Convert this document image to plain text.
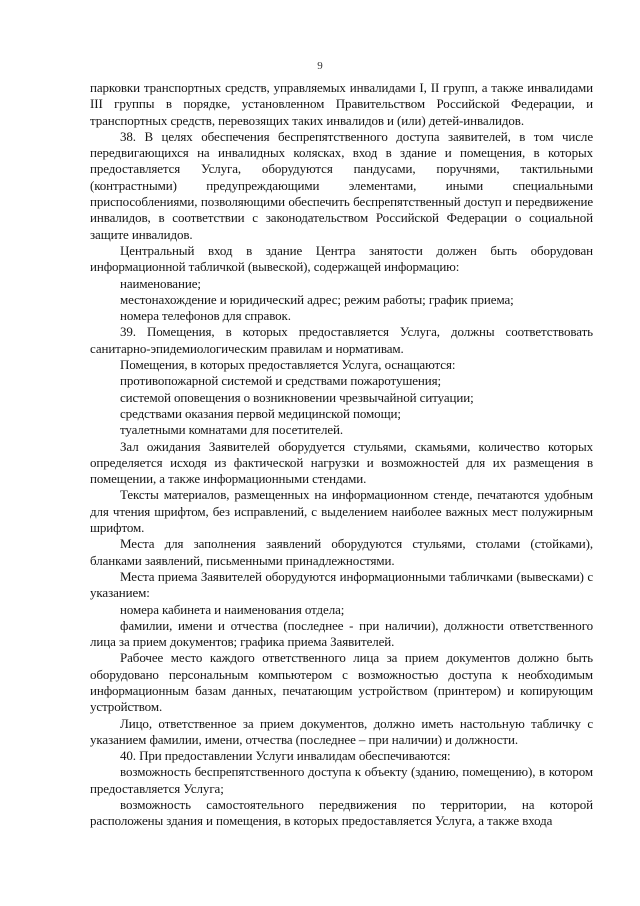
9

парковки транспортных средств, управляемых инвалидами I, II групп, а также инвалидами III группы в порядке, установленном Правительством Российской Федерации, и транспортных средств, перевозящих таких инвалидов и (или) детей-инвалидов.

38. В целях обеспечения беспрепятственного доступа заявителей, в том числе передвигающихся на инвалидных колясках, вход в здание и помещения, в которых предоставляется Услуга, оборудуются пандусами, поручнями, тактильными (контрастными) предупреждающими элементами, иными специальными приспособлениями, позволяющими обеспечить беспрепятственный доступ и передвижение инвалидов, в соответствии с законодательством Российской Федерации о социальной защите инвалидов.

Центральный вход в здание Центра занятости должен быть оборудован информационной табличкой (вывеской), содержащей информацию:

наименование;

местонахождение и юридический адрес; режим работы; график приема;

номера телефонов для справок.

39. Помещения, в которых предоставляется Услуга, должны соответствовать санитарно-эпидемиологическим правилам и нормативам.

Помещения, в которых предоставляется Услуга, оснащаются:

противопожарной системой и средствами пожаротушения;

системой оповещения о возникновении чрезвычайной ситуации;

средствами оказания первой медицинской помощи;

туалетными комнатами для посетителей.

Зал ожидания Заявителей оборудуется стульями, скамьями, количество которых определяется исходя из фактической нагрузки и возможностей для их размещения в помещении, а также информационными стендами.

Тексты материалов, размещенных на информационном стенде, печатаются удобным для чтения шрифтом, без исправлений, с выделением наиболее важных мест полужирным шрифтом.

Места для заполнения заявлений оборудуются стульями, столами (стойками), бланками заявлений, письменными принадлежностями.

Места приема Заявителей оборудуются информационными табличками (вывесками) с указанием:

номера кабинета и наименования отдела;

фамилии, имени и отчества (последнее - при наличии), должности ответственного лица за прием документов; графика приема Заявителей.

Рабочее место каждого ответственного лица за прием документов должно быть оборудовано персональным компьютером с возможностью доступа к необходимым информационным базам данных, печатающим устройством (принтером) и копирующим устройством.

Лицо, ответственное за прием документов, должно иметь настольную табличку с указанием фамилии, имени, отчества (последнее – при наличии) и должности.

40. При предоставлении Услуги инвалидам обеспечиваются:

возможность беспрепятственного доступа к объекту (зданию, помещению), в котором предоставляется Услуга;

возможность самостоятельного передвижения по территории, на которой расположены здания и помещения, в которых предоставляется Услуга, а также входа
